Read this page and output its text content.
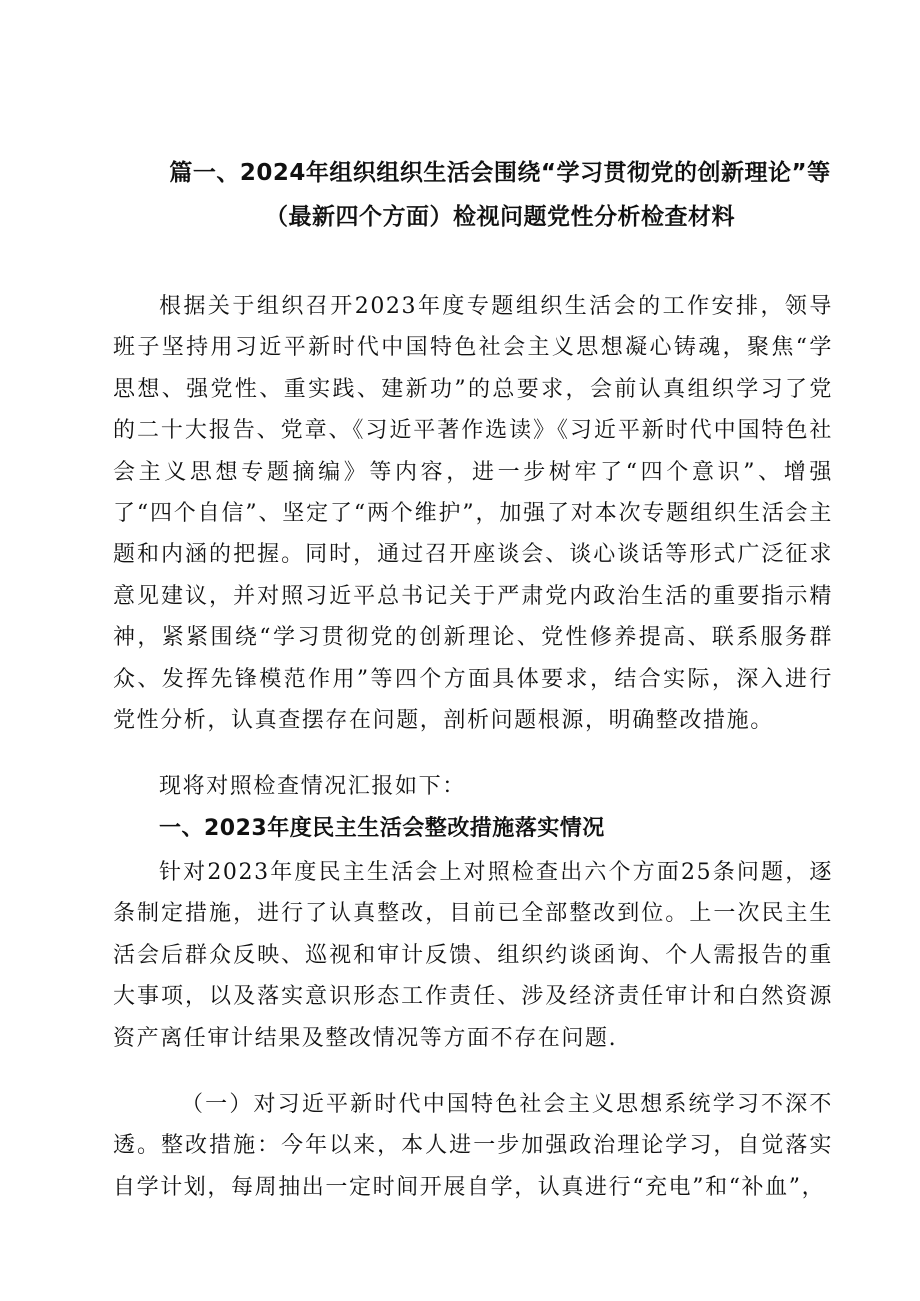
篇一、2024年组织组织生活会围绕“学习贯彻党的创新理论”等
（最新四个方面）检视问题党性分析检查材料

根据关于组织召开2023年度专题组织生活会的工作安排，领导班子坚持用习近平新时代中国特色社会主义思想凝心铸魂，聚焦“学思想、强党性、重实践、建新功”的总要求，会前认真组织学习了党的二十大报告、党章、《习近平著作选读》《习近平新时代中国特色社会主义思想专题摘编》等内容，进一步树牢了“四个意识”、增强了“四个自信”、坚定了“两个维护”，加强了对本次专题组织生活会主题和内涵的把握。同时，通过召开座谈会、谈心谈话等形式广泛征求意见建议，并对照习近平总书记关于严肃党内政治生活的重要指示精神，紧紧围绕“学习贯彻党的创新理论、党性修养提高、联系服务群众、发挥先锋模范作用”等四个方面具体要求，结合实际，深入进行党性分析，认真查摆存在问题，剖析问题根源，明确整改措施。

现将对照检查情况汇报如下：

一、2023年度民主生活会整改措施落实情况

针对2023年度民主生活会上对照检查出六个方面25条问题，逐条制定措施，进行了认真整改，目前已全部整改到位。上一次民主生活会后群众反映、巡视和审计反馈、组织约谈函询、个人需报告的重大事项，以及落实意识形态工作责任、涉及经济责任审计和白然资源资产离任审计结果及整改情况等方面不存在问题.

（一）对习近平新时代中国特色社会主义思想系统学习不深不透。整改措施：今年以来，本人进一步加强政治理论学习，自觉落实自学计划，每周抽出一定时间开展自学，认真进行“充电”和“补血”，
